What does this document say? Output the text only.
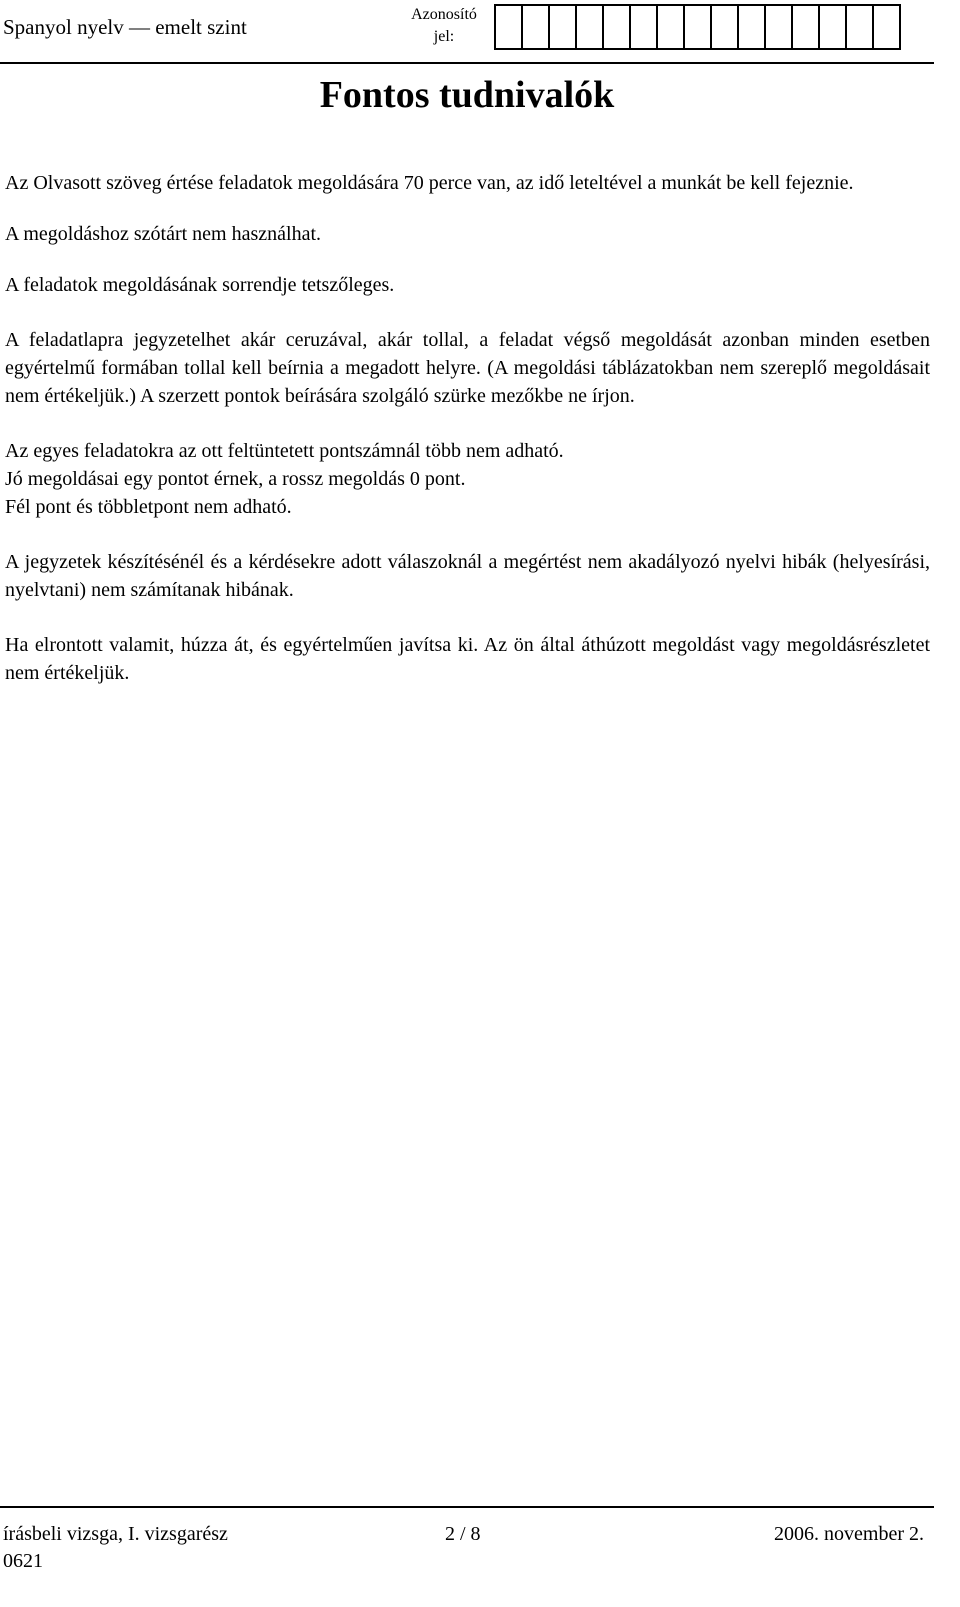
Spanyol nyelv — emelt szint
Azonosító
jel:
Fontos tudnivalók

Az Olvasott szöveg értése feladatok megoldására 70 perce van, az idő leteltével a munkát be kell fejeznie.

A megoldáshoz szótárt nem használhat.

A feladatok megoldásának sorrendje tetszőleges.

A feladatlapra jegyzetelhet akár ceruzával, akár tollal, a feladat végső megoldását azonban minden esetben egyértelmű formában tollal kell beírnia a megadott helyre. (A megoldási táblázatokban nem szereplő megoldásait nem értékeljük.) A szerzett pontok beírására szolgáló szürke mezőkbe ne írjon.

Az egyes feladatokra az ott feltüntetett pontszámnál több nem adható.

Jó megoldásai egy pontot érnek, a rossz megoldás 0 pont.

Fél pont és többletpont nem adható.

A jegyzetek készítésénél és a kérdésekre adott válaszoknál a megértést nem akadályozó nyelvi hibák (helyesírási, nyelvtani) nem számítanak hibának.

Ha elrontott valamit, húzza át, és egyértelműen javítsa ki. Az ön által áthúzott megoldást vagy megoldásrészletet nem értékeljük.

írásbeli vizsga, I. vizsgarész	2 / 8	2006. november 2.
0621
